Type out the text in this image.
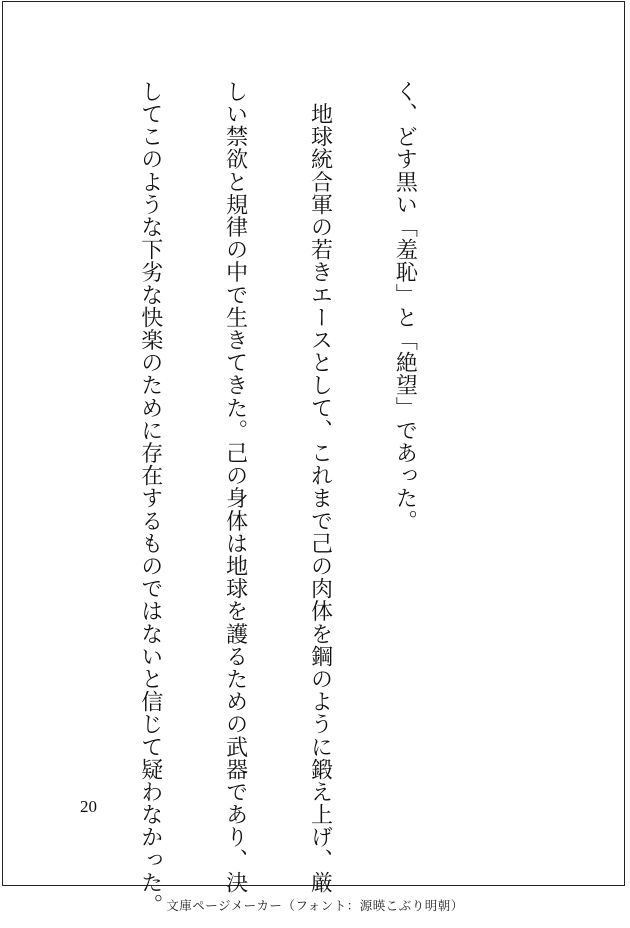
く、どす黒い「羞恥」と「絶望」であった。

　地球統合軍の若きエースとして、これまで己の肉体を鋼のように鍛え上げ、厳

しい禁欲と規律の中で生きてきた。己の身体は地球を護るための武器であり、決

してこのような下劣な快楽のために存在するものではないと信じて疑わなかった。

20
文庫ページメーカー（フォント：源暎こぶり明朝）
